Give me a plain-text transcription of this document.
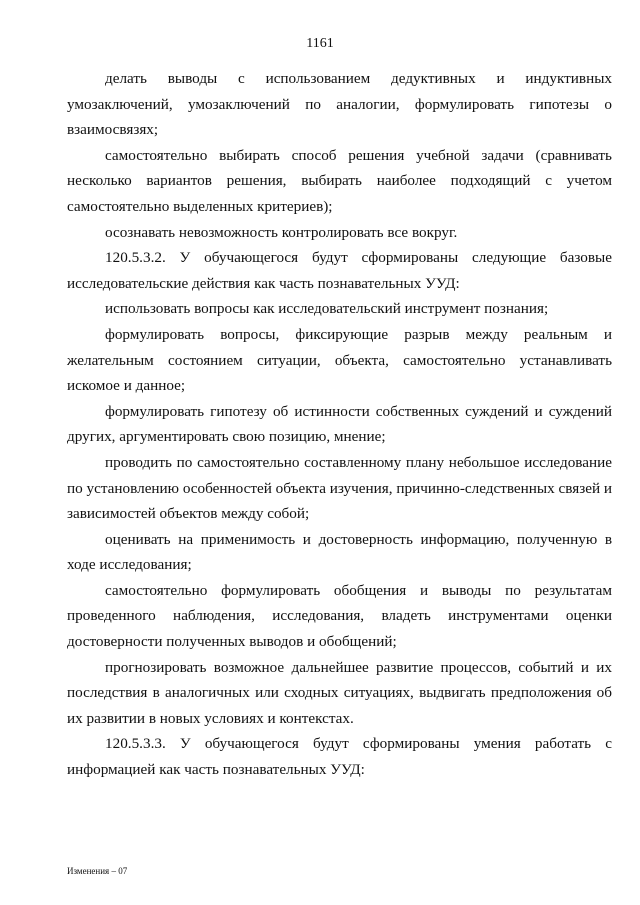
1161

делать выводы с использованием дедуктивных и индуктивных умозаключений, умозаключений по аналогии, формулировать гипотезы о взаимосвязях;

самостоятельно выбирать способ решения учебной задачи (сравнивать несколько вариантов решения, выбирать наиболее подходящий с учетом самостоятельно выделенных критериев);

осознавать невозможность контролировать все вокруг.

120.5.3.2. У обучающегося будут сформированы следующие базовые исследовательские действия как часть познавательных УУД:

использовать вопросы как исследовательский инструмент познания;

формулировать вопросы, фиксирующие разрыв между реальным и желательным состоянием ситуации, объекта, самостоятельно устанавливать искомое и данное;

формулировать гипотезу об истинности собственных суждений и суждений других, аргументировать свою позицию, мнение;

проводить по самостоятельно составленному плану небольшое исследование по установлению особенностей объекта изучения, причинно-следственных связей и зависимостей объектов между собой;

оценивать на применимость и достоверность информацию, полученную в ходе исследования;

самостоятельно формулировать обобщения и выводы по результатам проведенного наблюдения, исследования, владеть инструментами оценки достоверности полученных выводов и обобщений;

прогнозировать возможное дальнейшее развитие процессов, событий и их последствия в аналогичных или сходных ситуациях, выдвигать предположения об их развитии в новых условиях и контекстах.

120.5.3.3. У обучающегося будут сформированы умения работать с информацией как часть познавательных УУД:

Изменения – 07
